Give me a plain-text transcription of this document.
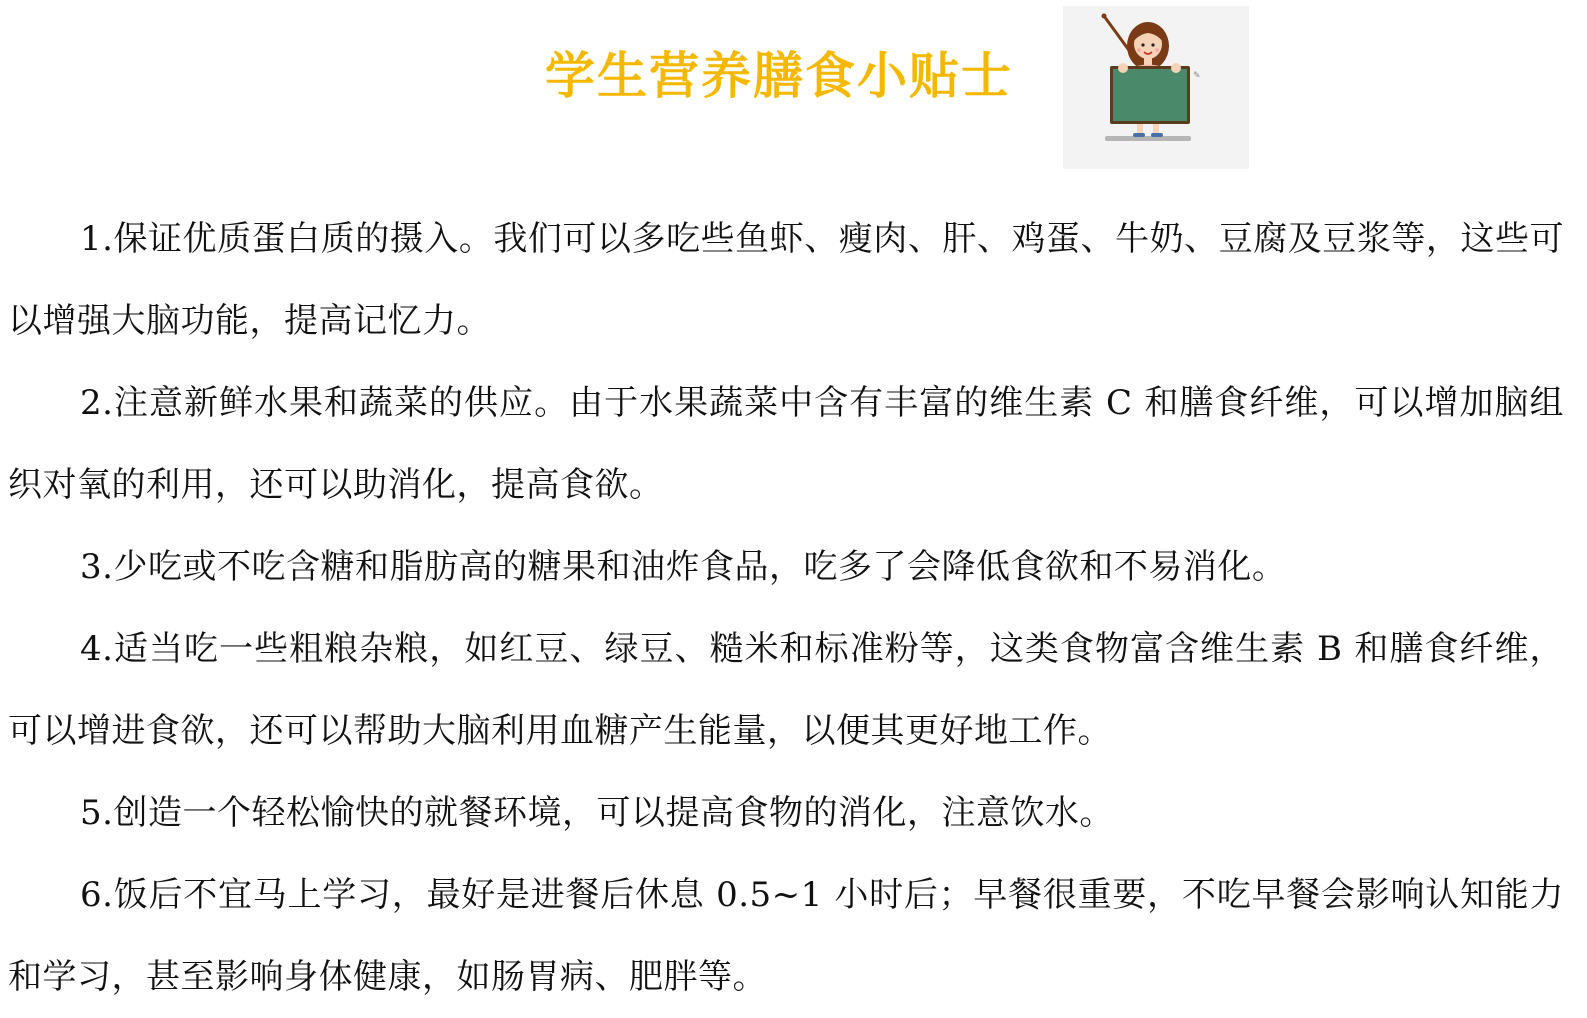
学生营养膳食小贴士	✎

1.保证优质蛋白质的摄入。我们可以多吃些鱼虾、瘦肉、肝、鸡蛋、牛奶、豆腐及豆浆等，这些可以增强大脑功能，提高记忆力。

2.注意新鲜水果和蔬菜的供应。由于水果蔬菜中含有丰富的维生素 C 和膳食纤维，可以增加脑组织对氧的利用，还可以助消化，提高食欲。

3.少吃或不吃含糖和脂肪高的糖果和油炸食品，吃多了会降低食欲和不易消化。

4.适当吃一些粗粮杂粮，如红豆、绿豆、糙米和标准粉等，这类食物富含维生素 B 和膳食纤维，可以增进食欲，还可以帮助大脑利用血糖产生能量，以便其更好地工作。

5.创造一个轻松愉快的就餐环境，可以提高食物的消化，注意饮水。

6.饭后不宜马上学习，最好是进餐后休息 0.5~1 小时后；早餐很重要，不吃早餐会影响认知能力和学习，甚至影响身体健康，如肠胃病、肥胖等。
